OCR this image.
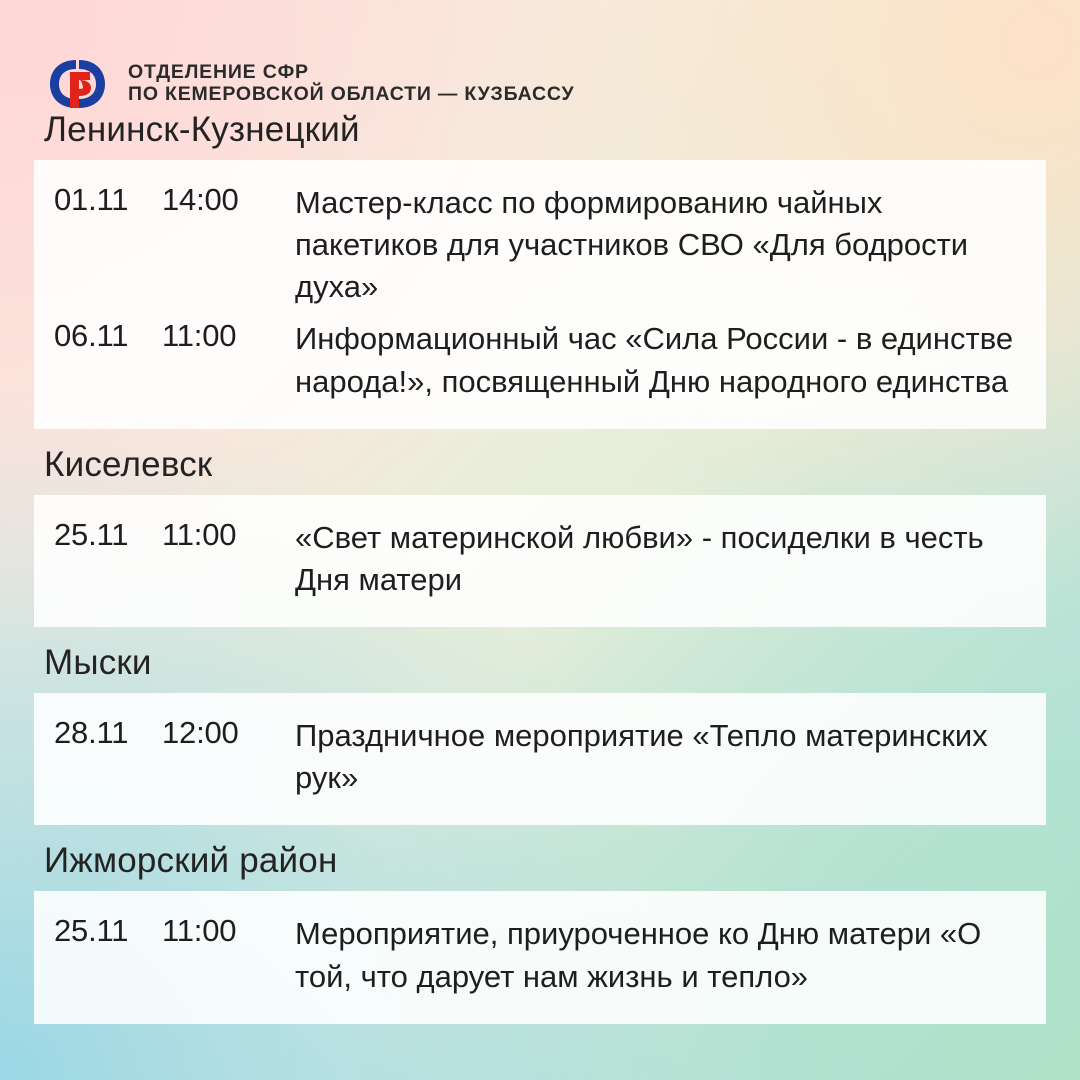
ОТДЕЛЕНИЕ СФР
ПО КЕМЕРОВСКОЙ ОБЛАСТИ — КУЗБАССУ
Ленинск-Кузнецкий
01.11	14:00	Мастер-класс по формированию чайных пакетиков для участников СВО «Для бодрости духа»
06.11	11:00	Информационный час «Сила России - в единстве народа!», посвященный Дню народного единства
Киселевск
25.11	11:00	«Свет материнской любви» - посиделки в честь Дня матери
Мыски
28.11	12:00	Праздничное мероприятие «Тепло материнских рук»
Ижморский район
25.11	11:00	Мероприятие, приуроченное ко Дню матери «О той, что дарует нам жизнь и тепло»
